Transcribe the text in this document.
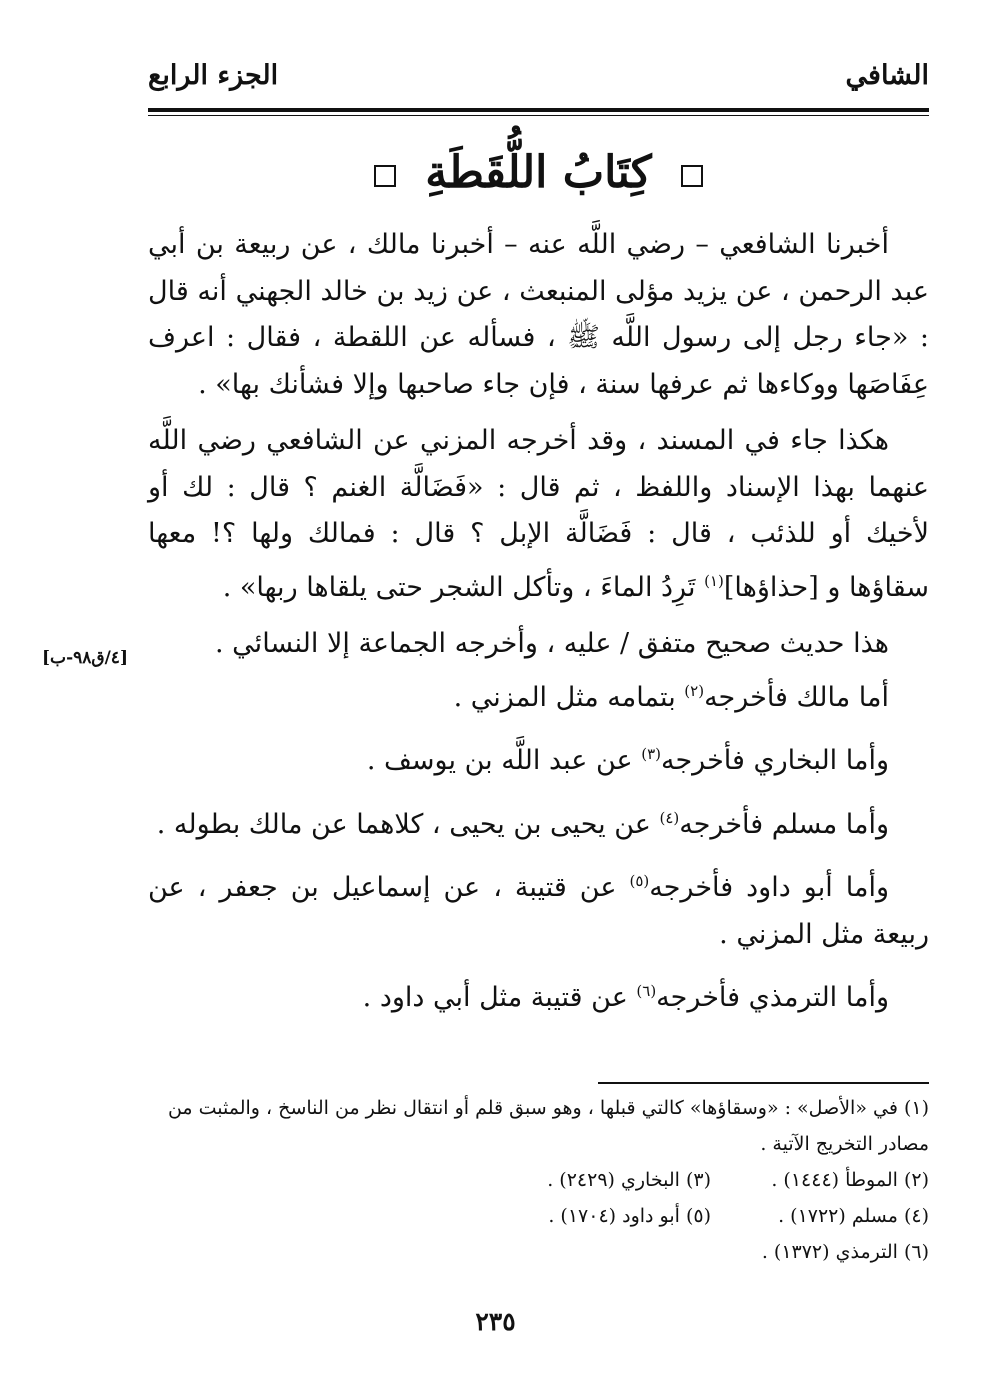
الشافي
الجزء الرابع
كِتَابُ اللُّقَطَةِ

أخبرنا الشافعي – رضي اللَّه عنه – أخبرنا مالك ، عن ربيعة بن أبي عبد الرحمن ، عن يزيد مؤلى المنبعث ، عن زيد بن خالد الجهني أنه قال : «جاء رجل إلى رسول اللَّه ﷺ ، فسأله عن اللقطة ، فقال : اعرف عِفَاصَها ووكاءها ثم عرفها سنة ، فإن جاء صاحبها وإلا فشأنك بها» .

هكذا جاء في المسند ، وقد أخرجه المزني عن الشافعي رضي اللَّه عنهما بهذا الإسناد واللفظ ، ثم قال : «فَضَالَّة الغنم ؟ قال : لك أو لأخيك أو للذئب ، قال : فَضَالَّة الإبل ؟ قال : فمالك ولها ؟! معها سقاؤها و [حذاؤها]$^{(١)}$ تَرِدُ الماءَ ، وتأكل الشجر حتى يلقاها ربها» .

هذا حديث صحيح متفق / عليه ، وأخرجه الجماعة إلا النسائي .

أما مالك فأخرجه$^{(٢)}$ بتمامه مثل المزني .

وأما البخاري فأخرجه$^{(٣)}$ عن عبد اللَّه بن يوسف .

وأما مسلم فأخرجه$^{(٤)}$ عن يحيى بن يحيى ، كلاهما عن مالك بطوله .

وأما أبو داود فأخرجه$^{(٥)}$ عن قتيبة ، عن إسماعيل بن جعفر ، عن ربيعة مثل المزني .

وأما الترمذي فأخرجه$^{(٦)}$ عن قتيبة مثل أبي داود .

[٤/ق٩٨-ب]

(١) في «الأصل» : «وسقاؤها» كالتي قبلها ، وهو سبق قلم أو انتقال نظر من الناسخ ، والمثبت من مصادر التخريج الآتية .

(٢) الموطأ (١٤٤٤) .
(٣) البخاري (٢٤٢٩) .
(٤) مسلم (١٧٢٢) .
(٥) أبو داود (١٧٠٤) .

(٦) الترمذي (١٣٧٢) .

٢٣٥
